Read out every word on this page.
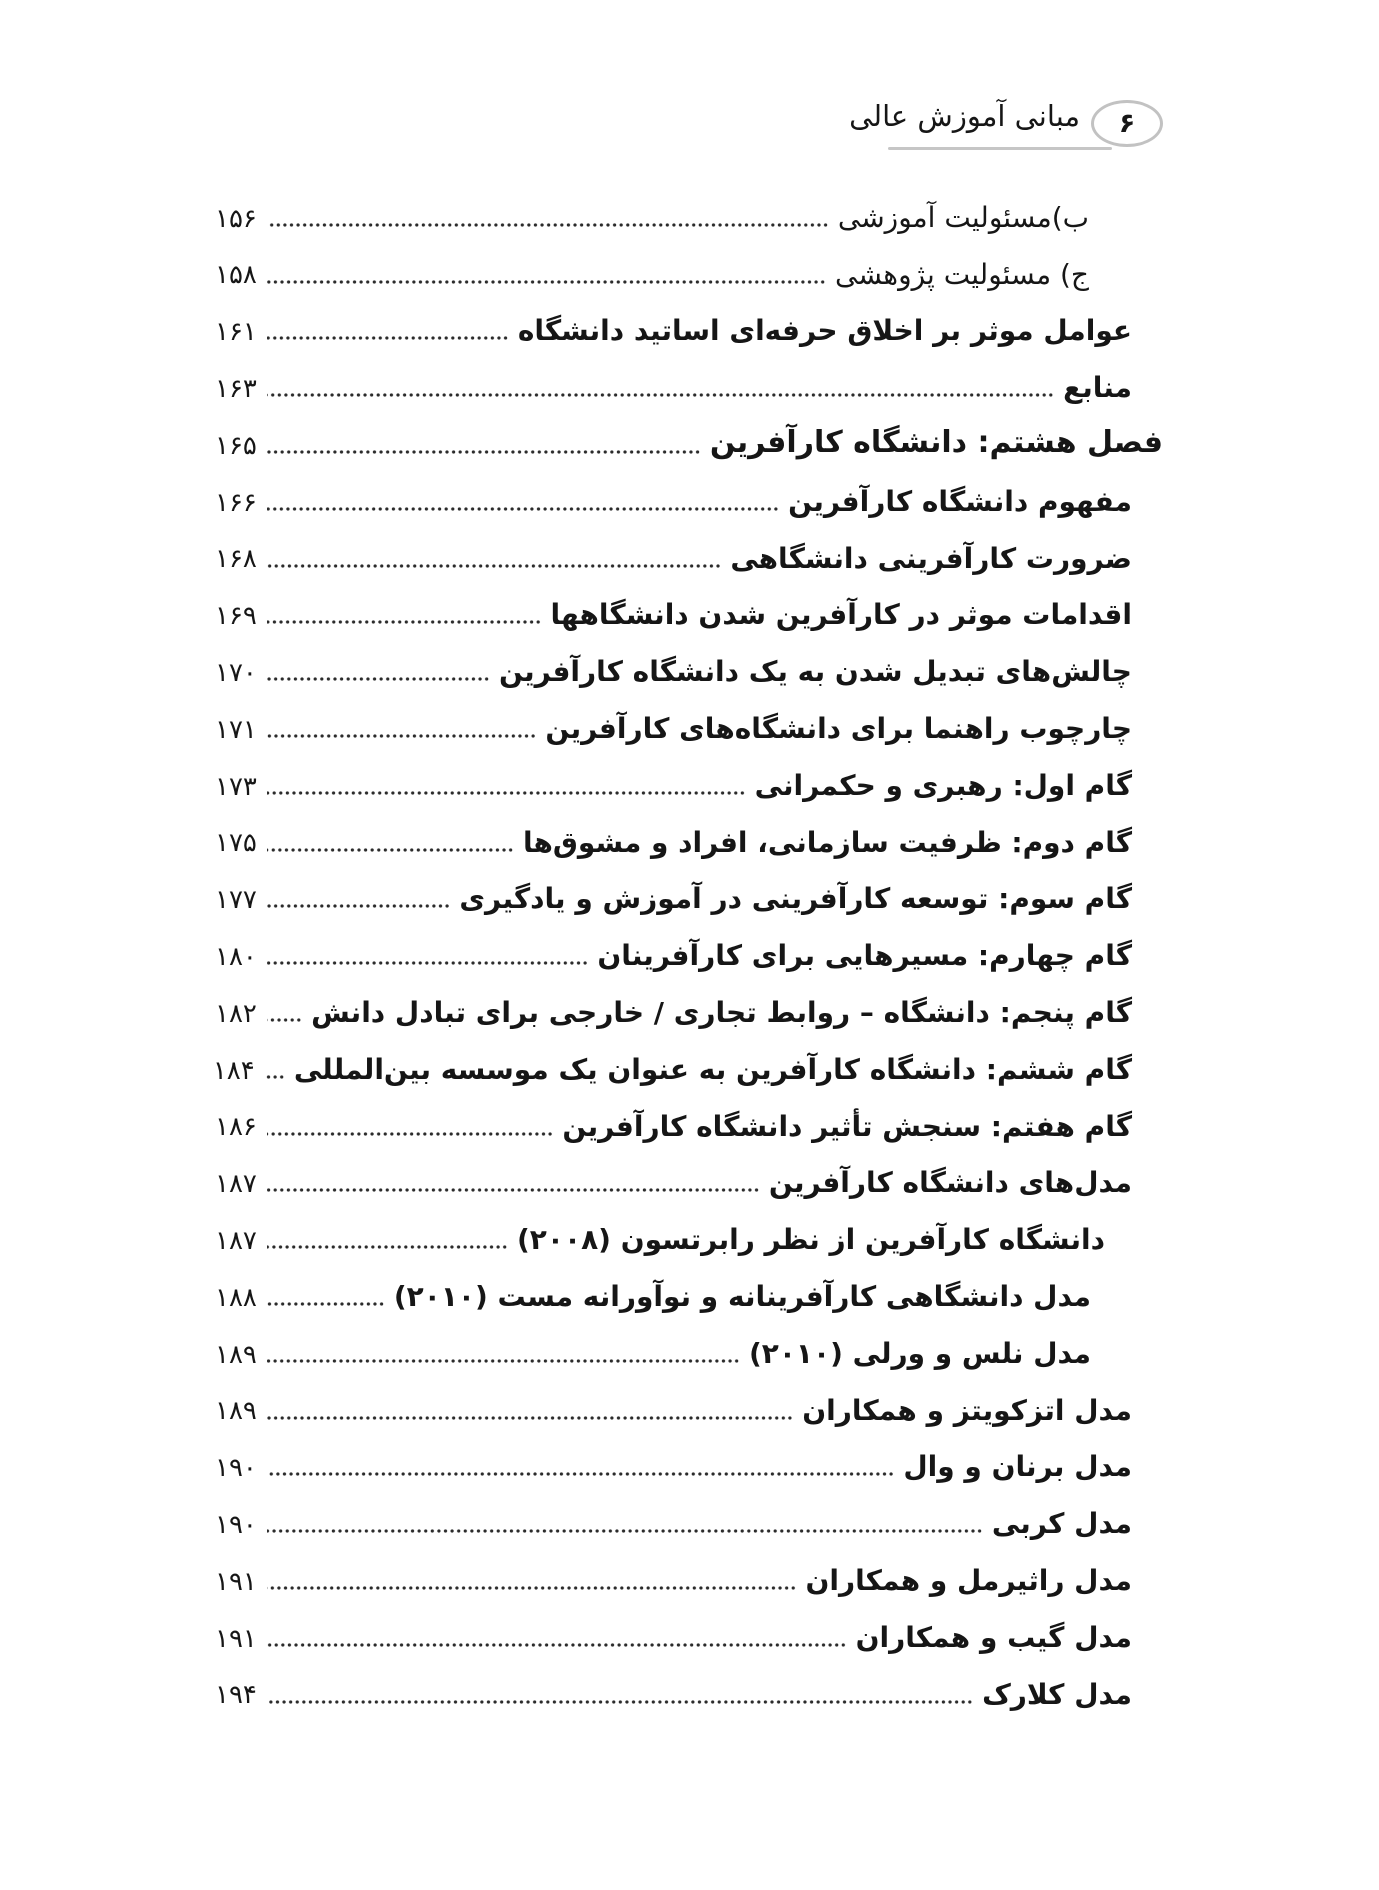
۶
مبانی آموزش عالی
ب)مسئولیت آموزشی
۱۵۶
ج) مسئولیت پژوهشی
۱۵۸
عوامل موثر بر اخلاق حرفه‌ای اساتید دانشگاه
۱۶۱
منابع
۱۶۳
فصل هشتم: دانشگاه کارآفرین
۱۶۵
مفهوم دانشگاه کارآفرین
۱۶۶
ضرورت کارآفرینی دانشگاهی
۱۶۸
اقدامات موثر در کارآفرین شدن دانشگاهها
۱۶۹
چالش‌های تبدیل شدن به یک دانشگاه کارآفرین
۱۷۰
چارچوب راهنما برای دانشگاه‌های کارآفرین
۱۷۱
گام اول: رهبری و حکمرانی
۱۷۳
گام دوم: ظرفیت سازمانی، افراد و مشوق‌ها
۱۷۵
گام سوم: توسعه کارآفرینی در آموزش و یادگیری
۱۷۷
گام چهارم: مسیرهایی برای کارآفرینان
۱۸۰
گام پنجم: دانشگاه – روابط تجاری / خارجی برای تبادل دانش
۱۸۲
گام ششم: دانشگاه کارآفرین به عنوان یک موسسه بین‌المللی
۱۸۴
گام هفتم: سنجش تأثیر دانشگاه کارآفرین
۱۸۶
مدل‌های دانشگاه کارآفرین
۱۸۷
دانشگاه کارآفرین از نظر رابرتسون (۲۰۰۸)
۱۸۷
مدل دانشگاهی کارآفرینانه و نوآورانه مست (۲۰۱۰)
۱۸۸
مدل نلس و ورلی (۲۰۱۰)
۱۸۹
مدل اتزکویتز و همکاران
۱۸۹
مدل برنان و وال
۱۹۰
مدل کربی
۱۹۰
مدل راثیرمل و همکاران
۱۹۱
مدل گیب و همکاران
۱۹۱
مدل کلارک
۱۹۴
